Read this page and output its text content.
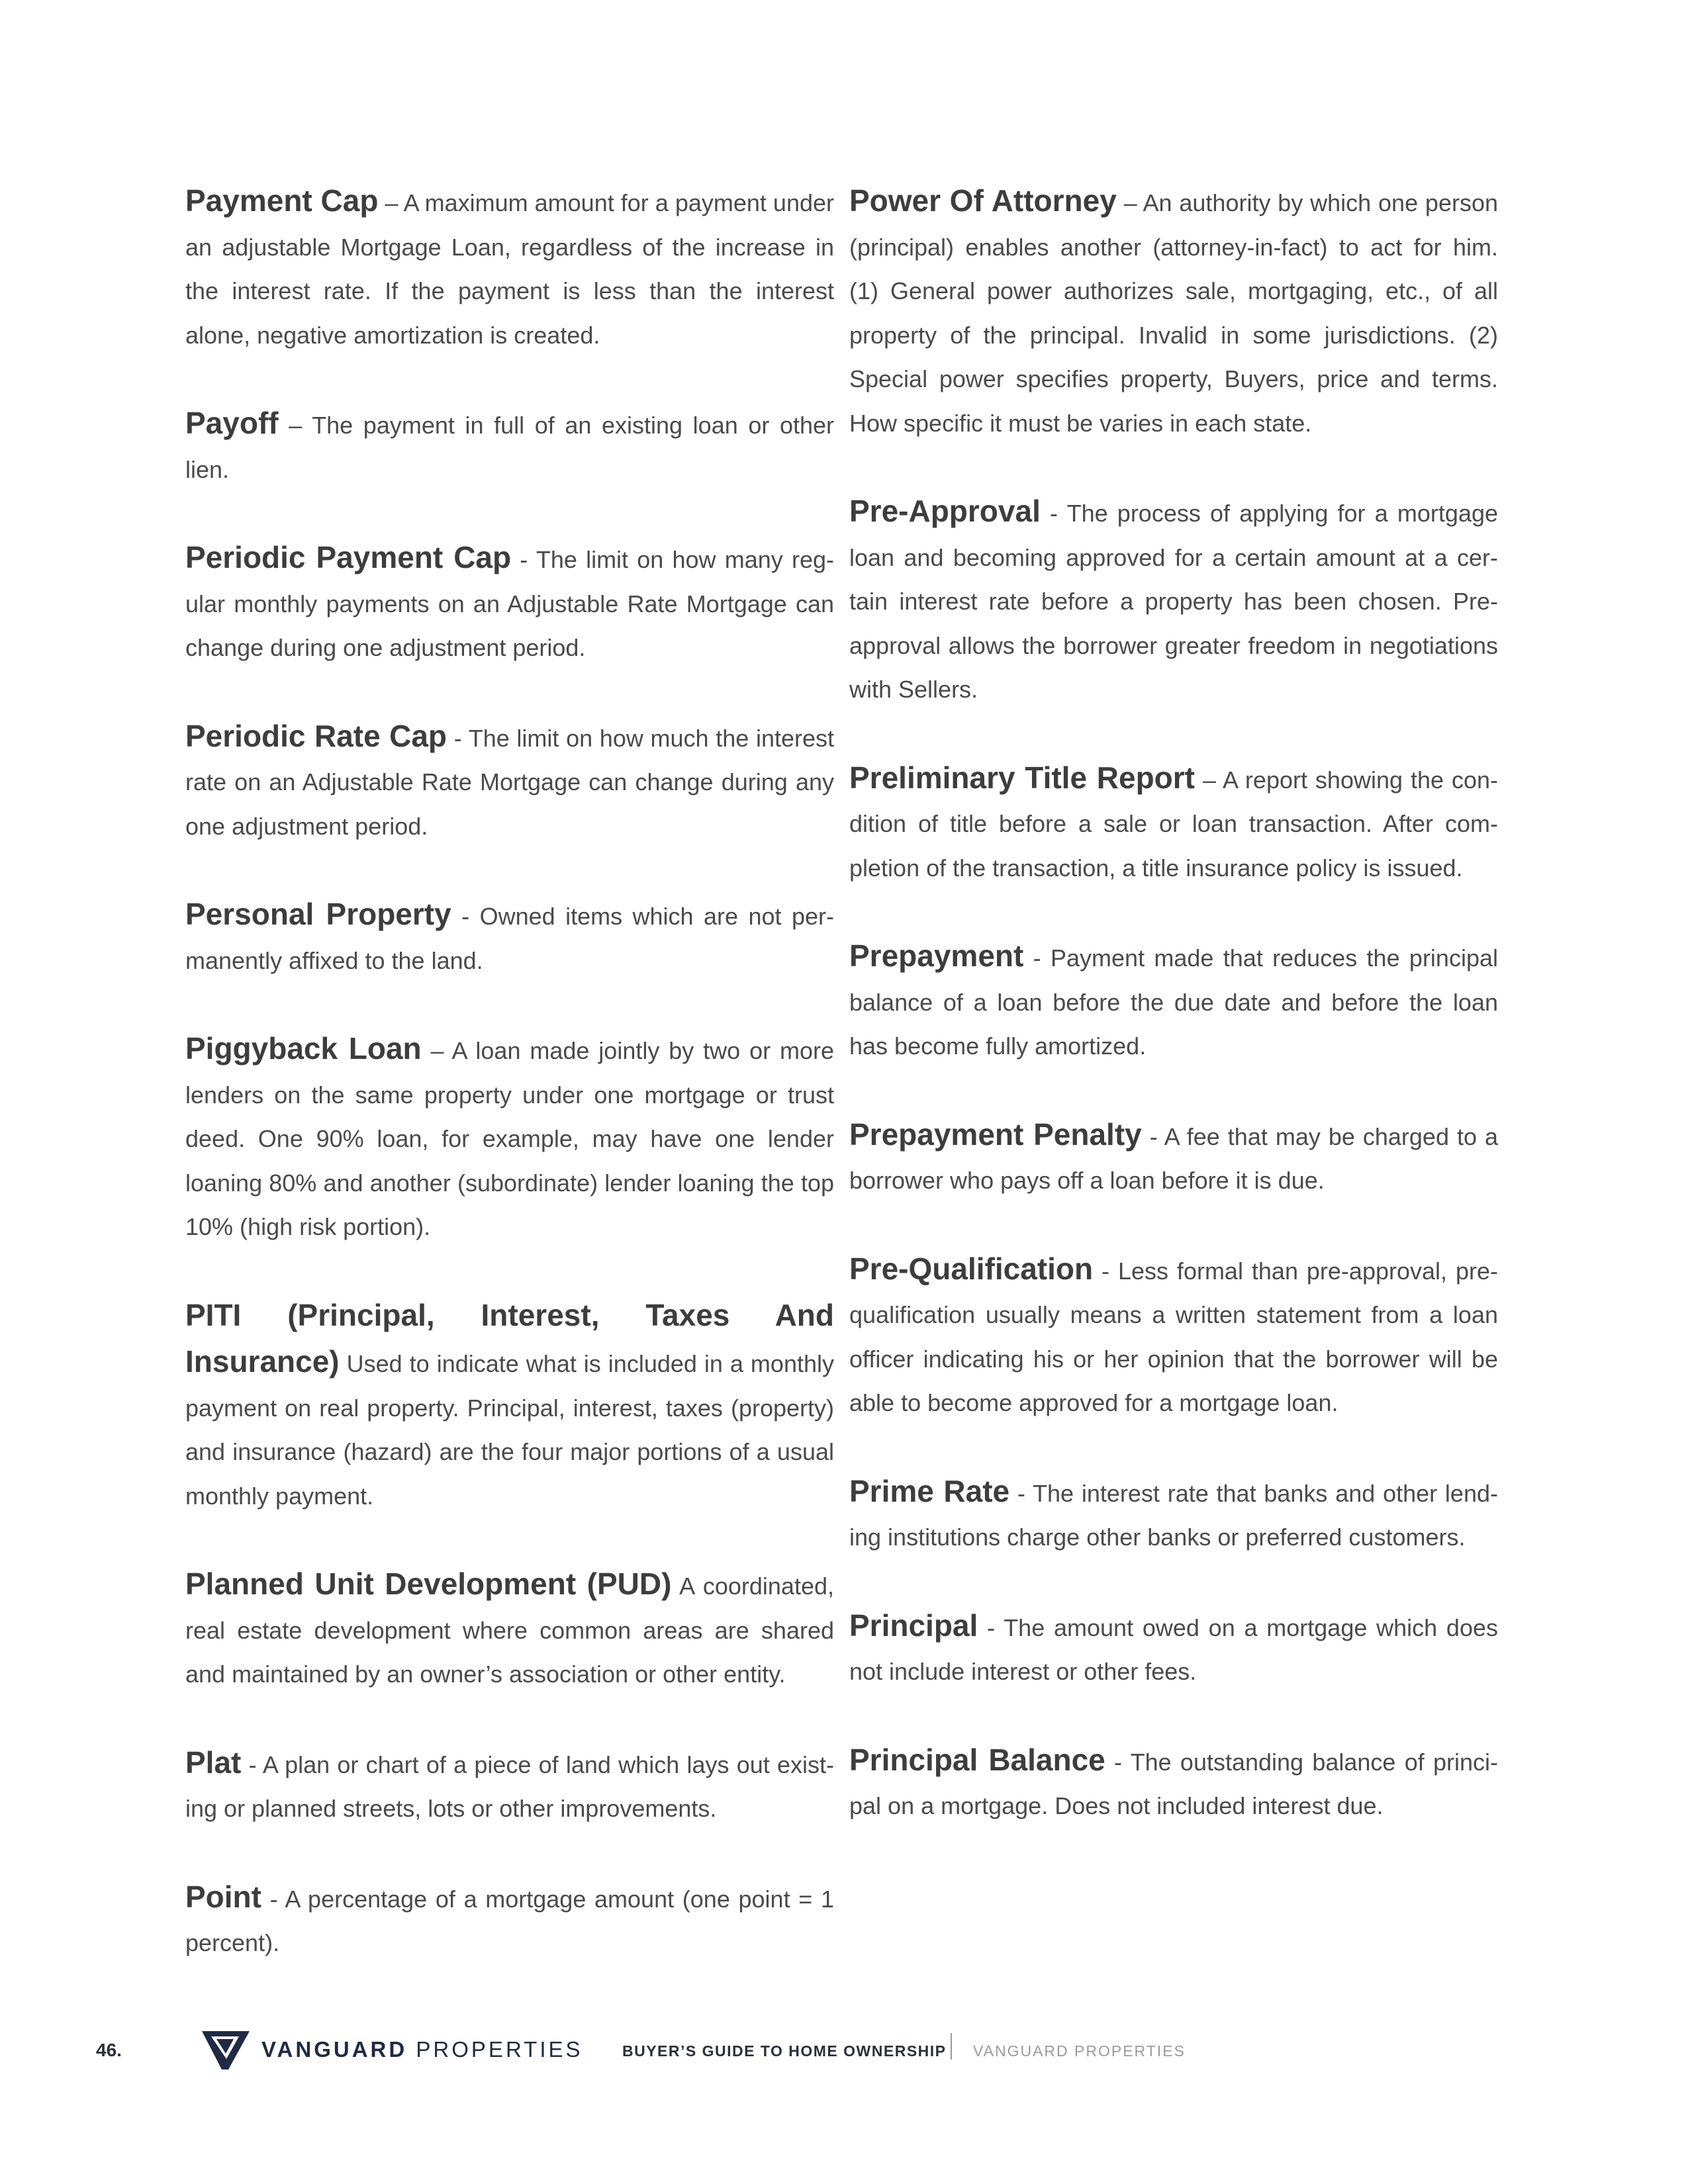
Payment Cap – A maximum amount for a payment under an adjustable Mortgage Loan, regardless of the increase in the interest rate. If the payment is less than the interest alone, negative amortization is created.

Payoff – The payment in full of an existing loan or other lien.

Periodic Payment Cap - The limit on how many regular monthly payments on an Adjustable Rate Mortgage can change during one adjustment period.

Periodic Rate Cap - The limit on how much the interest rate on an Adjustable Rate Mortgage can change during any one adjustment period.

Personal Property - Owned items which are not permanently affixed to the land.

Piggyback Loan – A loan made jointly by two or more lenders on the same property under one mortgage or trust deed. One 90% loan, for example, may have one lender loaning 80% and another (subordinate) lender loaning the top 10% (high risk portion).

PITI (Principal, Interest, Taxes And Insurance) Used to indicate what is included in a monthly payment on real property. Principal, interest, taxes (property) and insurance (hazard) are the four major portions of a usual monthly payment.

Planned Unit Development (PUD) A coordinated, real estate development where common areas are shared and maintained by an owner’s association or other entity.

Plat - A plan or chart of a piece of land which lays out existing or planned streets, lots or other improvements.

Point - A percentage of a mortgage amount (one point = 1 percent).

Power Of Attorney – An authority by which one person (principal) enables another (attorney-in-fact) to act for him. (1) General power authorizes sale, mortgaging, etc., of all property of the principal. Invalid in some jurisdictions. (2) Special power specifies property, Buyers, price and terms. How specific it must be varies in each state.

Pre-Approval - The process of applying for a mortgage loan and becoming approved for a certain amount at a certain interest rate before a property has been chosen. Preapproval allows the borrower greater freedom in negotiations with Sellers.

Preliminary Title Report – A report showing the condition of title before a sale or loan transaction. After completion of the transaction, a title insurance policy is issued.

Prepayment - Payment made that reduces the principal balance of a loan before the due date and before the loan has become fully amortized.

Prepayment Penalty - A fee that may be charged to a borrower who pays off a loan before it is due.

Pre-Qualification - Less formal than pre-approval, prequalification usually means a written statement from a loan officer indicating his or her opinion that the borrower will be able to become approved for a mortgage loan.

Prime Rate - The interest rate that banks and other lending institutions charge other banks or preferred customers.

Principal - The amount owed on a mortgage which does not include interest or other fees.

Principal Balance - The outstanding balance of principal on a mortgage. Does not included interest due.

46.	VANGUARD PROPERTIES	BUYER’S GUIDE TO HOME OWNERSHIP VANGUARD PROPERTIES
